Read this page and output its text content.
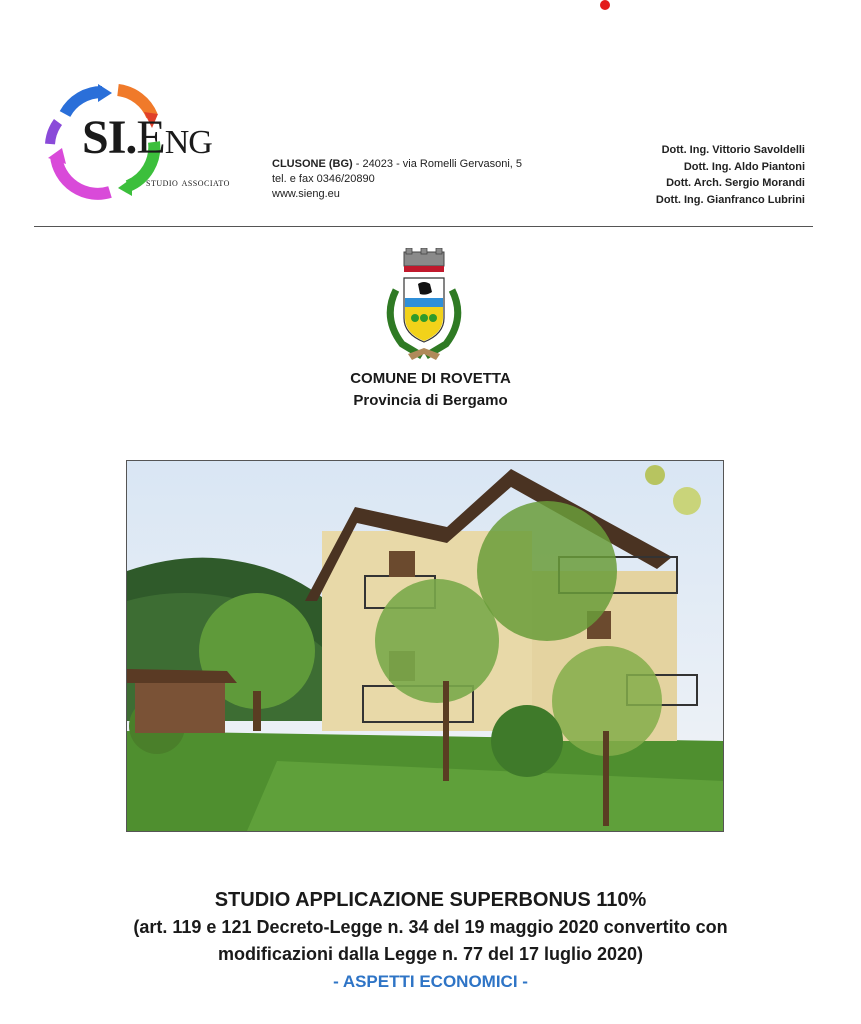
SI.Eng
studio associato
CLUSONE (BG) - 24023 - via Romelli Gervasoni, 5
tel. e fax 0346/20890
www.sieng.eu
Dott. Ing. Vittorio Savoldelli
Dott. Ing. Aldo Piantoni
Dott. Arch. Sergio Morandi
Dott. Ing. Gianfranco Lubrini
COMUNE DI ROVETTA
Provincia di Bergamo
STUDIO APPLICAZIONE SUPERBONUS 110%
(art. 119 e 121 Decreto-Legge n. 34 del 19 maggio 2020 convertito con
modificazioni dalla Legge n. 77 del 17 luglio 2020)
- ASPETTI ECONOMICI -
